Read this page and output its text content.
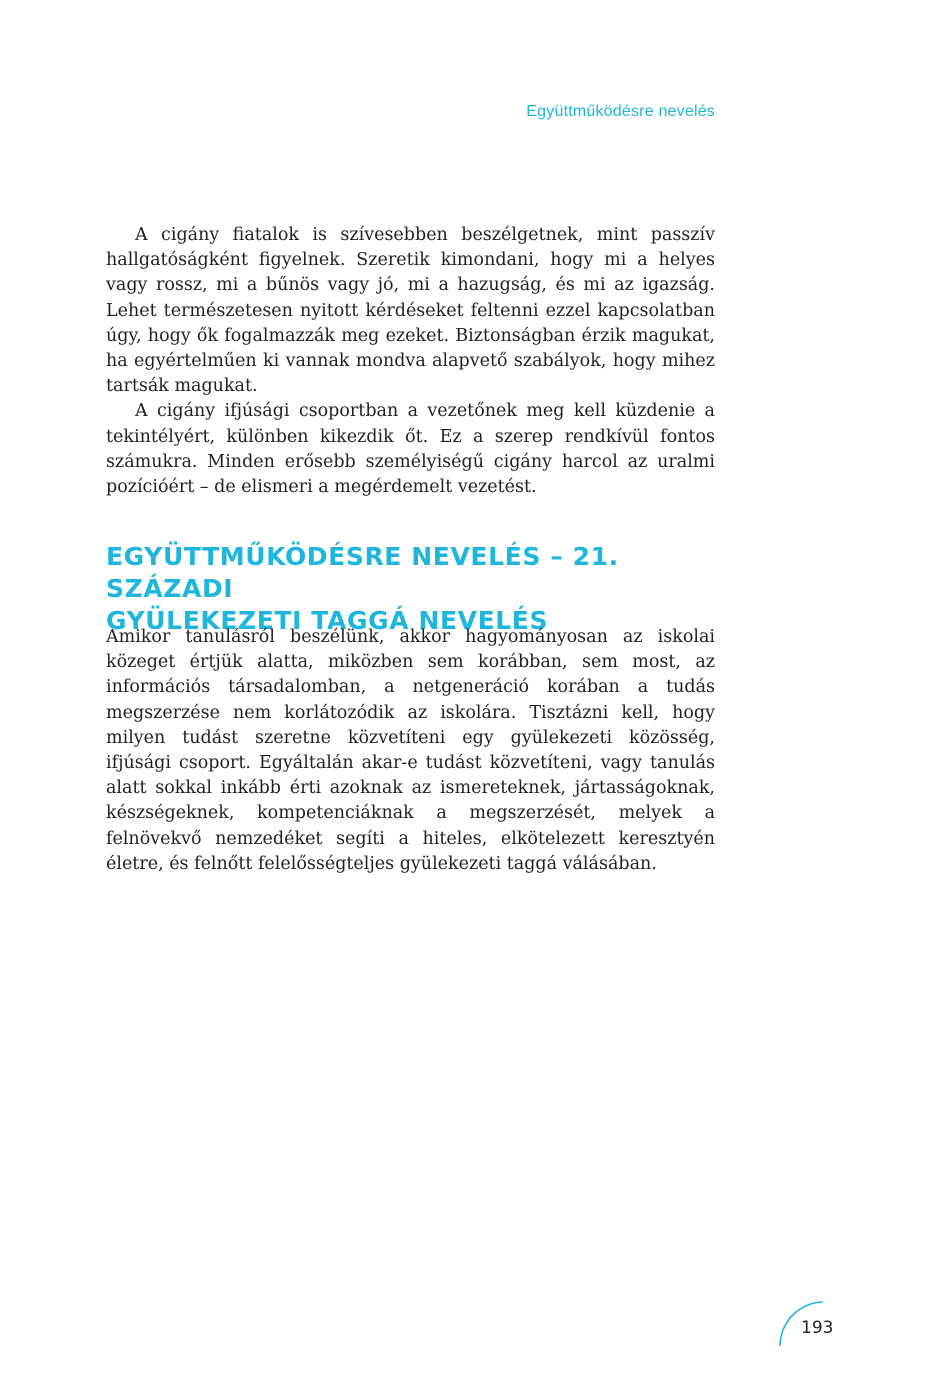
Együttműködésre nevelés

A cigány fiatalok is szívesebben beszélgetnek, mint passzív hallgatóságként figyelnek. Szeretik kimondani, hogy mi a helyes vagy rossz, mi a bűnös vagy jó, mi a hazugság, és mi az igazság. Lehet természetesen nyitott kérdéseket feltenni ezzel kapcsolatban úgy, hogy ők fogalmazzák meg ezeket. Biztonságban érzik magukat, ha egyértelműen ki vannak mondva alapvető szabályok, hogy mihez tartsák magukat.

A cigány ifjúsági csoportban a vezetőnek meg kell küzdenie a tekintélyért, különben kikezdik őt. Ez a szerep rendkívül fontos számukra. Minden erősebb személyiségű cigány harcol az uralmi pozícióért – de elismeri a megérdemelt vezetést.

EGYÜTTMŰKÖDÉSRE NEVELÉS – 21. SZÁZADI
GYÜLEKEZETI TAGGÁ NEVELÉS

Amikor tanulásról beszélünk, akkor hagyományosan az iskolai közeget értjük alatta, miközben sem korábban, sem most, az információs társadalomban, a netgeneráció korában a tudás megszerzése nem korlátozódik az iskolára. Tisztázni kell, hogy milyen tudást szeretne közvetíteni egy gyülekezeti közösség, ifjúsági csoport. Egyáltalán akar-e tudást közvetíteni, vagy tanulás alatt sokkal inkább érti azoknak az ismereteknek, jártasságoknak, készségeknek, kompetenciáknak a megszerzését, melyek a felnövekvő nemzedéket segíti a hiteles, elkötelezett keresztyén életre, és felnőtt felelősségteljes gyülekezeti taggá válásában.

193
